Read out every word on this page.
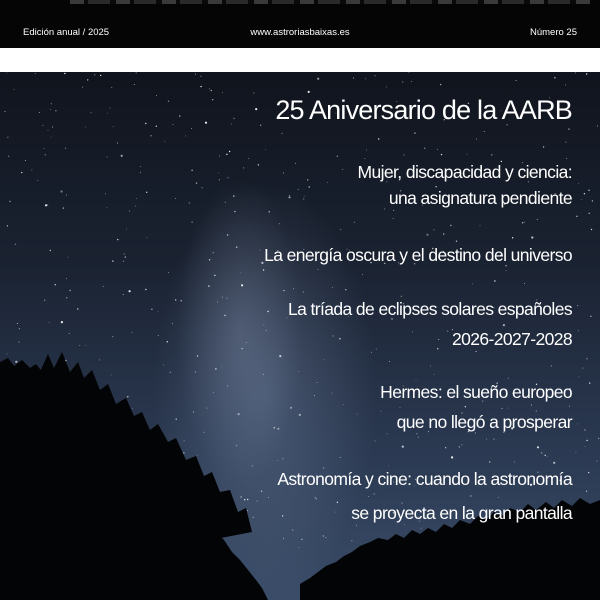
Edición anual / 2025	www.astroriasbaixas.es	Número 25
25 Aniversario de la AARB
Mujer, discapacidad y ciencia:
una asignatura pendiente
La energía oscura y el destino del universo
La tríada de eclipses solares españoles
2026-2027-2028
Hermes: el sueño europeo
que no llegó a prosperar
Astronomía y cine: cuando la astronomía
se proyecta en la gran pantalla
